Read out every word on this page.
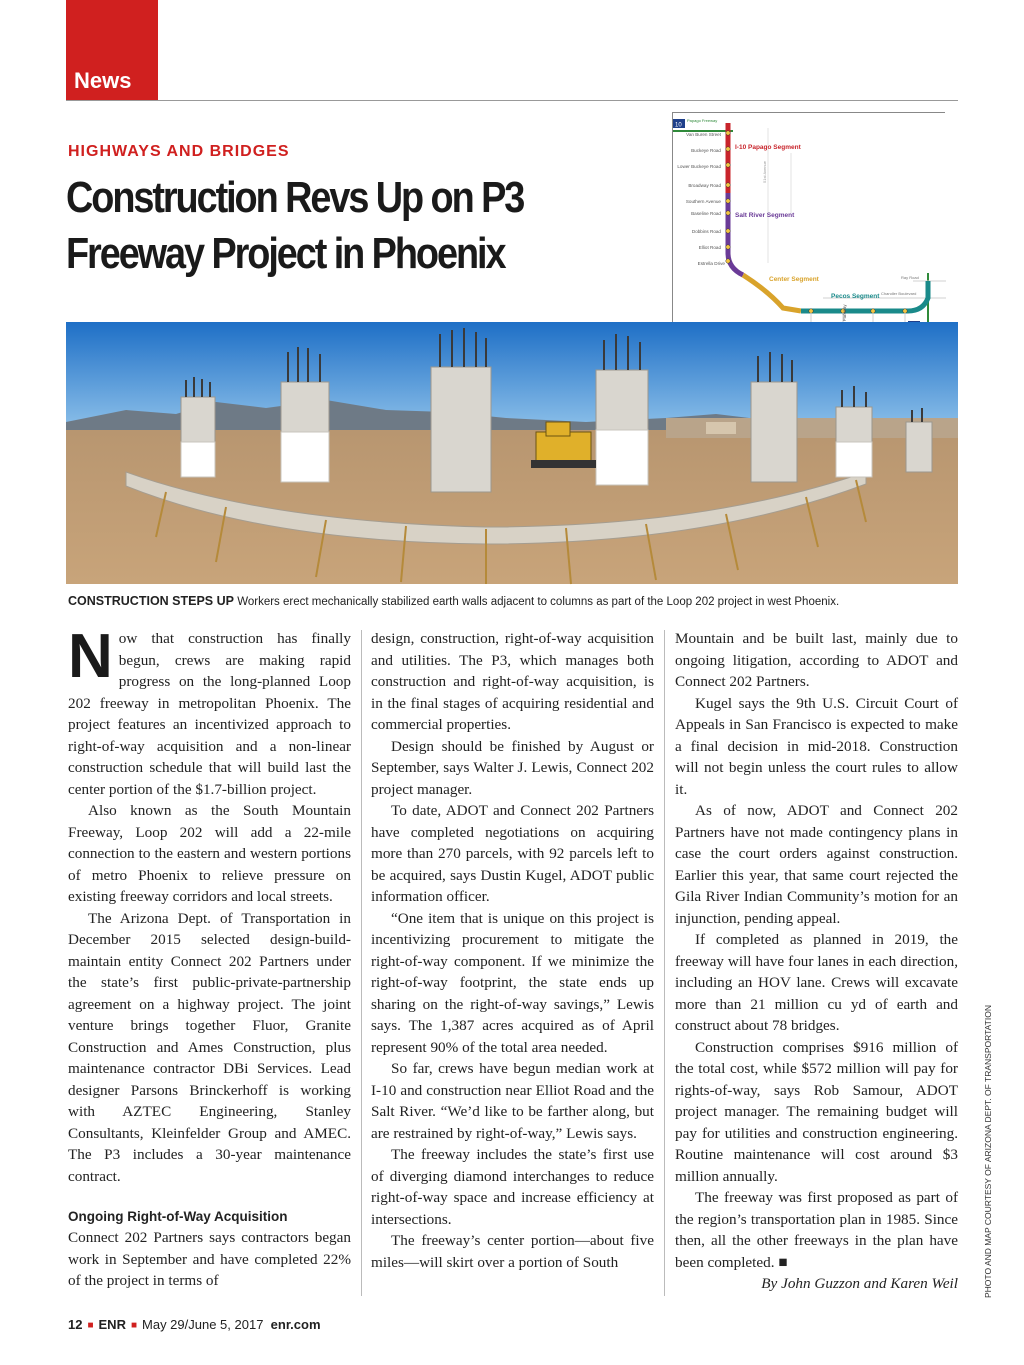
News
HIGHWAYS AND BRIDGES
Construction Revs Up on P3
Freeway Project in Phoenix
10
Papago Freeway
Van Buren Street
Buckeye Road
Lower Buckeye Road
Broadway Road
Southern Avenue
Baseline Road
Dobbins Road
Elliot Road
Estrella Drive
I-10 Papago Segment
Salt River Segment
Center Segment
Pecos Segment
Ray Road
Chandler Boulevard
51st Avenue
CONSTRUCTION STEPS UP Workers erect mechanically stabilized earth walls adjacent to columns as part of the Loop 202 project in west Phoenix.

Now that construction has finally begun, crews are making rapid progress on the long-planned Loop 202 freeway in metropolitan Phoenix. The project features an incentivized approach to right-of-way acquisition and a non-linear construction schedule that will build last the center portion of the $1.7-billion project.

Also known as the South Mountain Freeway, Loop 202 will add a 22-mile connection to the eastern and western portions of metro Phoenix to relieve pressure on existing freeway corridors and local streets.

The Arizona Dept. of Transportation in December 2015 selected design-build-maintain entity Connect 202 Partners under the state’s first public-private-partnership agreement on a highway project. The joint venture brings together Fluor, Granite Construction and Ames Construction, plus maintenance contractor DBi Services. Lead designer Parsons Brinckerhoff is working with AZTEC Engineering, Stanley Consultants, Kleinfelder Group and AMEC. The P3 includes a 30-year maintenance contract.

Ongoing Right-of-Way Acquisition

Connect 202 Partners says contractors began work in September and have completed 22% of the project in terms of

design, construction, right-of-way acquisition and utilities. The P3, which manages both construction and right-of-way acquisition, is in the final stages of acquiring residential and commercial properties.

Design should be finished by August or September, says Walter J. Lewis, Connect 202 project manager.

To date, ADOT and Connect 202 Partners have completed negotiations on acquiring more than 270 parcels, with 92 parcels left to be acquired, says Dustin Kugel, ADOT public information officer.

“One item that is unique on this project is incentivizing procurement to mitigate the right-of-way component. If we minimize the right-of-way footprint, the state ends up sharing on the right-of-way savings,” Lewis says. The 1,387 acres acquired as of April represent 90% of the total area needed.

So far, crews have begun median work at I-10 and construction near Elliot Road and the Salt River. “We’d like to be farther along, but are restrained by right-of-way,” Lewis says.

The freeway includes the state’s first use of diverging diamond interchanges to reduce right-of-way space and increase efficiency at intersections.

The freeway’s center portion—about five miles—will skirt over a portion of South

Mountain and be built last, mainly due to ongoing litigation, according to ADOT and Connect 202 Partners.

Kugel says the 9th U.S. Circuit Court of Appeals in San Francisco is expected to make a final decision in mid-2018. Construction will not begin unless the court rules to allow it.

As of now, ADOT and Connect 202 Partners have not made contingency plans in case the court orders against construction. Earlier this year, that same court rejected the Gila River Indian Community’s motion for an injunction, pending appeal.

If completed as planned in 2019, the freeway will have four lanes in each direction, including an HOV lane. Crews will excavate more than 21 million cu yd of earth and construct about 78 bridges.

Construction comprises $916 million of the total cost, while $572 million will pay for rights-of-way, says Rob Samour, ADOT project manager. The remaining budget will pay for utilities and construction engineering. Routine maintenance will cost around $3 million annually.

The freeway was first proposed as part of the region’s transportation plan in 1985. Since then, all the other freeways in the plan have been completed. ■

By John Guzzon and Karen Weil

12 ■ ENR ■ May 29/June 5, 2017 enr.com
PHOTO AND MAP COURTESY OF ARIZONA DEPT. OF TRANSPORTATION
